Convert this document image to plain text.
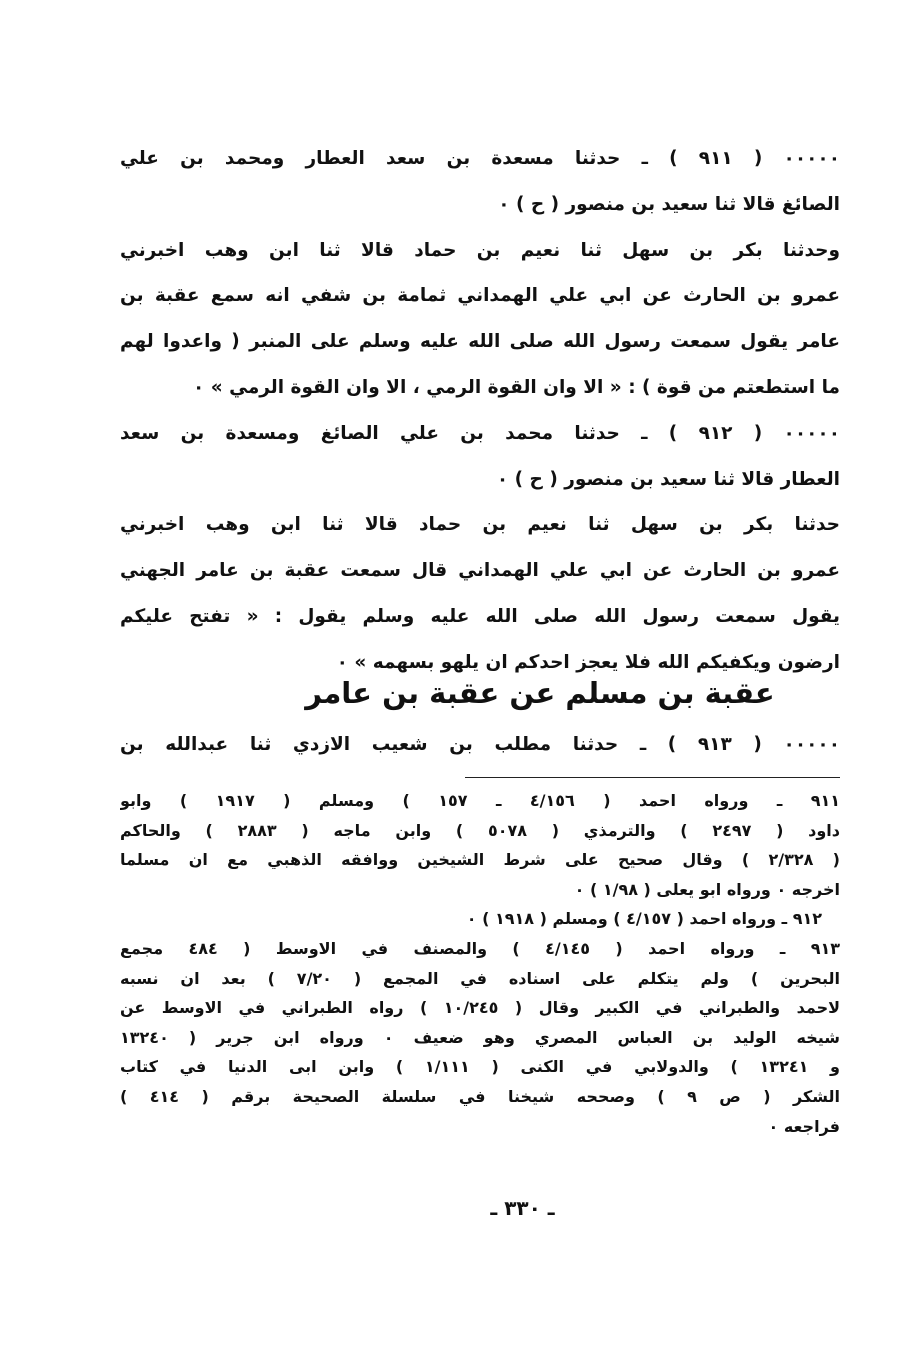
٠٠٠٠٠ ( ٩١١ ) ـ حدثنا مسعدة بن سعد العطار ومحمد بن علي
الصائغ قالا ثنا سعيد بن منصور ( ح ) ٠
وحدثنا بكر بن سهل ثنا نعيم بن حماد قالا ثنا ابن وهب اخبرني
عمرو بن الحارث عن ابي علي الهمداني ثمامة بن شفي انه سمع عقبة بن
عامر يقول سمعت رسول الله صلى الله عليه وسلم على المنبر ( واعدوا لهم
ما استطعتم من قوة ) : « الا وان القوة الرمي ، الا وان القوة الرمي » ٠
٠٠٠٠٠ ( ٩١٢ ) ـ حدثنا محمد بن علي الصائغ ومسعدة بن سعد
العطار قالا ثنا سعيد بن منصور ( ح ) ٠
حدثنا بكر بن سهل ثنا نعيم بن حماد قالا ثنا ابن وهب اخبرني
عمرو بن الحارث عن ابي علي الهمداني قال سمعت عقبة بن عامر الجهني
يقول سمعت رسول الله صلى الله عليه وسلم يقول : « تفتح عليكم
ارضون ويكفيكم الله فلا يعجز احدكم ان يلهو بسهمه » ٠
عقبة بن مسلم عن عقبة بن عامر
٠٠٠٠٠ ( ٩١٣ ) ـ حدثنا مطلب بن شعيب الازدي ثنا عبدالله بن
٩١١ ـ ورواه احمد ( ٤/١٥٦ ـ ١٥٧ ) ومسلم ( ١٩١٧ ) وابو
داود ( ٢٤٩٧ ) والترمذي ( ٥٠٧٨ ) وابن ماجه ( ٢٨٨٣ ) والحاكم
( ٢/٣٢٨ ) وقال صحيح على شرط الشيخين ووافقه الذهبي مع ان مسلما
اخرجه ٠ ورواه ابو يعلى ( ١/٩٨ ) ٠
٩١٢ ـ ورواه احمد ( ٤/١٥٧ ) ومسلم ( ١٩١٨ ) ٠
٩١٣ ـ ورواه احمد ( ٤/١٤٥ ) والمصنف في الاوسط ( ٤٨٤ مجمع
البحرين ) ولم يتكلم على اسناده في المجمع ( ٧/٢٠ ) بعد ان نسبه
لاحمد والطبراني في الكبير وقال ( ١٠/٢٤٥ ) رواه الطبراني في الاوسط عن
شيخه الوليد بن العباس المصري وهو ضعيف ٠ ورواه ابن جرير ( ١٣٢٤٠
و ١٣٢٤١ ) والدولابي في الكنى ( ١/١١١ ) وابن ابى الدنيا في كتاب
الشكر ( ص ٩ ) وصححه شيخنا في سلسلة الصحيحة برقم ( ٤١٤ )
فراجعه ٠
ـ ٣٣٠ ـ
